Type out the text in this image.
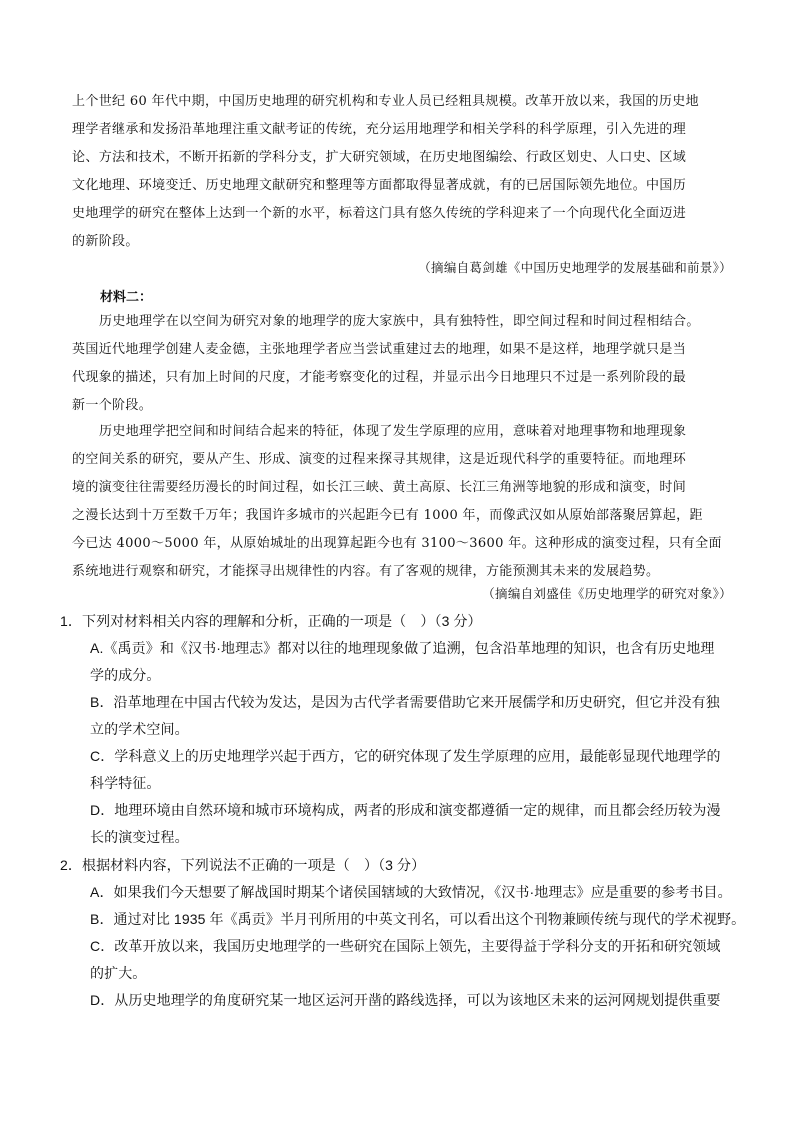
上个世纪 60 年代中期，中国历史地理的研究机构和专业人员已经粗具规模。改革开放以来，我国的历史地
理学者继承和发扬沿革地理注重文献考证的传统，充分运用地理学和相关学科的科学原理，引入先进的理
论、方法和技术，不断开拓新的学科分支，扩大研究领域，在历史地图编绘、行政区划史、人口史、区域
文化地理、环境变迁、历史地理文献研究和整理等方面都取得显著成就，有的已居国际领先地位。中国历
史地理学的研究在整体上达到一个新的水平，标着这门具有悠久传统的学科迎来了一个向现代化全面迈进
的新阶段。

（摘编自葛剑雄《中国历史地理学的发展基础和前景》）

材料二：

历史地理学在以空间为研究对象的地理学的庞大家族中，具有独特性，即空间过程和时间过程相结合。
英国近代地理学创建人麦金德，主张地理学者应当尝试重建过去的地理，如果不是这样，地理学就只是当
代现象的描述，只有加上时间的尺度，才能考察变化的过程，并显示出今日地理只不过是一系列阶段的最
新一个阶段。
历史地理学把空间和时间结合起来的特征，体现了发生学原理的应用，意味着对地理事物和地理现象
的空间关系的研究，要从产生、形成、演变的过程来探寻其规律，这是近现代科学的重要特征。而地理环
境的演变往往需要经历漫长的时间过程，如长江三峡、黄土高原、长江三角洲等地貌的形成和演变，时间
之漫长达到十万至数千万年；我国许多城市的兴起距今已有 1000 年，而像武汉如从原始部落聚居算起，距
今已达 4000～5000 年，从原始城址的出现算起距今也有 3100～3600 年。这种形成的演变过程，只有全面
系统地进行观察和研究，才能探寻出规律性的内容。有了客观的规律，方能预测其未来的发展趋势。

（摘编自刘盛佳《历史地理学的研究对象》）

1．下列对材料相关内容的理解和分析，正确的一项是（　）（3 分）
A.《禹贡》和《汉书·地理志》都对以往的地理现象做了追溯，包含沿革地理的知识，也含有历史地理
学的成分。
B．沿革地理在中国古代较为发达，是因为古代学者需要借助它来开展儒学和历史研究，但它并没有独
立的学术空间。
C．学科意义上的历史地理学兴起于西方，它的研究体现了发生学原理的应用，最能彰显现代地理学的
科学特征。
D．地理环境由自然环境和城市环境构成，两者的形成和演变都遵循一定的规律，而且都会经历较为漫
长的演变过程。
2．根据材料内容，下列说法不正确的一项是（　）（3 分）
A．如果我们今天想要了解战国时期某个诸侯国辖域的大致情况，《汉书·地理志》应是重要的参考书目。
B．通过对比 1935 年《禹贡》半月刊所用的中英文刊名，可以看出这个刊物兼顾传统与现代的学术视野。
C．改革开放以来，我国历史地理学的一些研究在国际上领先，主要得益于学科分支的开拓和研究领域
的扩大。
D．从历史地理学的角度研究某一地区运河开凿的路线选择，可以为该地区未来的运河网规划提供重要
